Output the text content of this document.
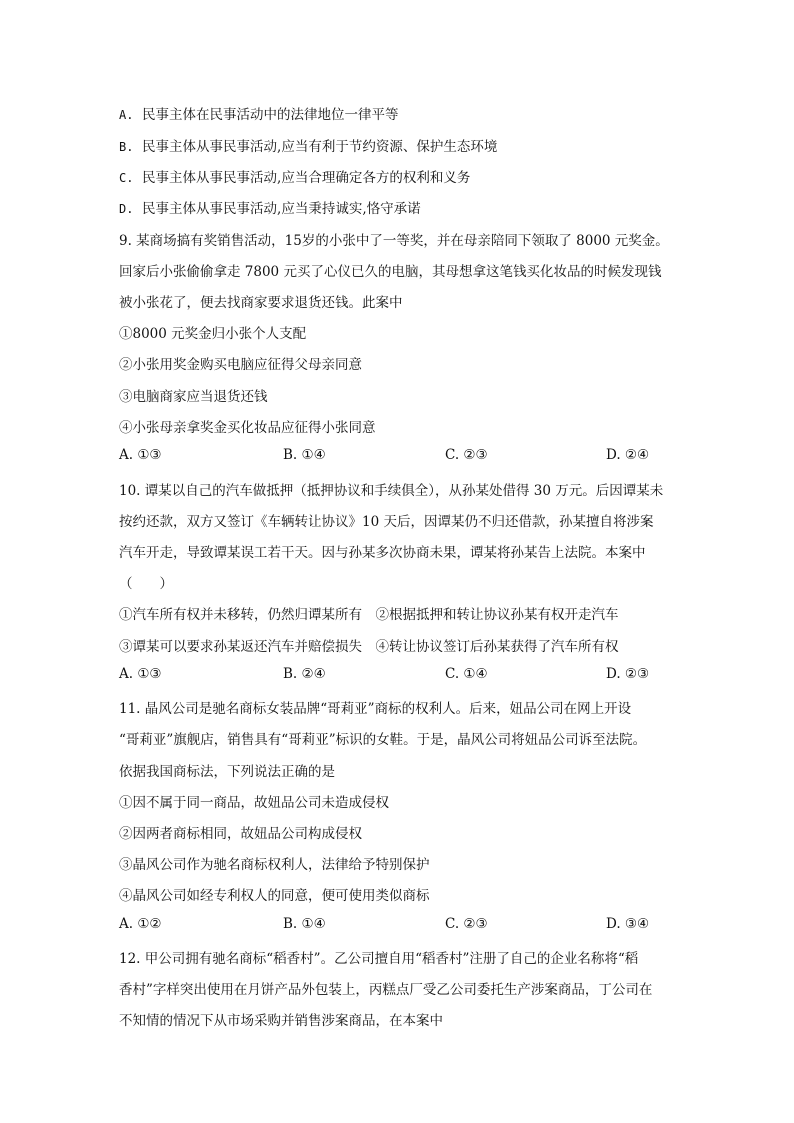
A. 民事主体在民事活动中的法律地位一律平等
B. 民事主体从事民事活动,应当有利于节约资源、保护生态环境
C. 民事主体从事民事活动,应当合理确定各方的权利和义务
D. 民事主体从事民事活动,应当秉持诚实,恪守承诺
9. 某商场搞有奖销售活动，15岁的小张中了一等奖，并在母亲陪同下领取了 8000 元奖金。
回家后小张偷偷拿走 7800 元买了心仪已久的电脑，其母想拿这笔钱买化妆品的时候发现钱
被小张花了，便去找商家要求退货还钱。此案中
①8000 元奖金归小张个人支配
②小张用奖金购买电脑应征得父母亲同意
③电脑商家应当退货还钱
④小张母亲拿奖金买化妆品应征得小张同意
A. ①③	B. ①④	C. ②③	D. ②④
10. 谭某以自己的汽车做抵押（抵押协议和手续俱全），从孙某处借得 30 万元。后因谭某未
按约还款，双方又签订《车辆转让协议》10 天后，因谭某仍不归还借款，孙某擅自将涉案
汽车开走，导致谭某误工若干天。因与孙某多次协商未果，谭某将孙某告上法院。本案中
（　　）
①汽车所有权并未移转，仍然归谭某所有　②根据抵押和转让协议孙某有权开走汽车
③谭某可以要求孙某返还汽车并赔偿损失　④转让协议签订后孙某获得了汽车所有权
A. ①③	B. ②④	C. ①④	D. ②③
11. 晶风公司是驰名商标女装品牌“哥莉亚”商标的权利人。后来，妞品公司在网上开设
“哥莉亚”旗舰店，销售具有“哥莉亚”标识的女鞋。于是，晶风公司将妞品公司诉至法院。
依据我国商标法，下列说法正确的是
①因不属于同一商品，故妞品公司未造成侵权
②因两者商标相同，故妞品公司构成侵权
③晶风公司作为驰名商标权利人，法律给予特别保护
④晶风公司如经专利权人的同意，便可使用类似商标
A. ①②	B. ①④	C. ②③	D. ③④
12. 甲公司拥有驰名商标“稻香村”。乙公司擅自用“稻香村”注册了自己的企业名称将“稻
香村”字样突出使用在月饼产品外包装上，丙糕点厂受乙公司委托生产涉案商品，丁公司在
不知情的情况下从市场采购并销售涉案商品，在本案中
